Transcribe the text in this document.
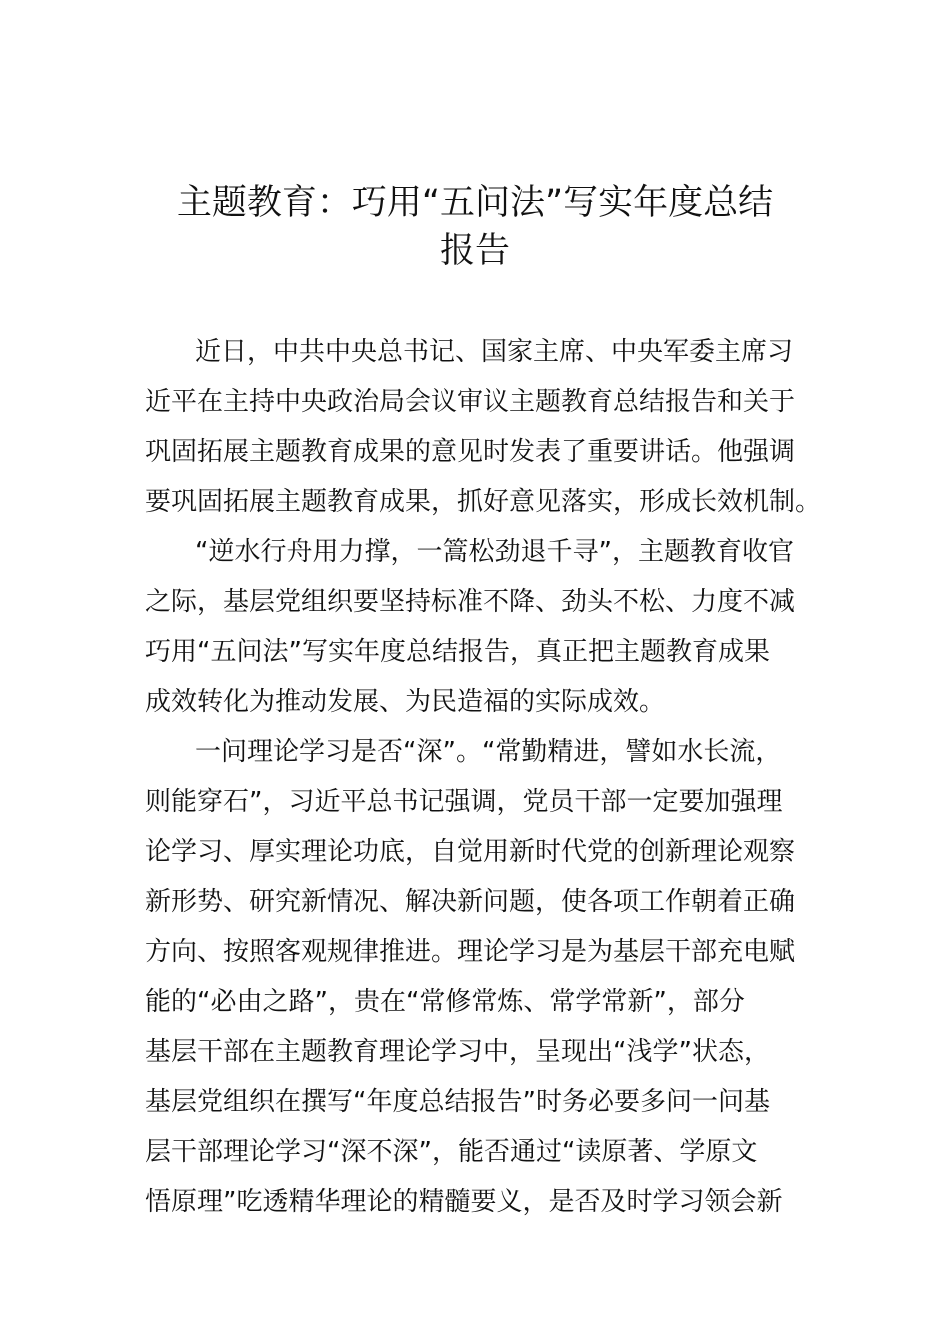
主题教育：巧用“五问法”写实年度总结
报告

近日，中共中央总书记、国家主席、中央军委主席习

近平在主持中央政治局会议审议主题教育总结报告和关于

巩固拓展主题教育成果的意见时发表了重要讲话。他强调

要巩固拓展主题教育成果，抓好意见落实，形成长效机制。

“逆水行舟用力撑，一篙松劲退千寻”，主题教育收官

之际，基层党组织要坚持标准不降、劲头不松、力度不减

巧用“五问法”写实年度总结报告，真正把主题教育成果

成效转化为推动发展、为民造福的实际成效。

一问理论学习是否“深”。“常勤精进，譬如水长流，

则能穿石”，习近平总书记强调，党员干部一定要加强理

论学习、厚实理论功底，自觉用新时代党的创新理论观察

新形势、研究新情况、解决新问题，使各项工作朝着正确

方向、按照客观规律推进。理论学习是为基层干部充电赋

能的“必由之路”，贵在“常修常炼、常学常新”，部分

基层干部在主题教育理论学习中，呈现出“浅学”状态，

基层党组织在撰写“年度总结报告”时务必要多问一问基

层干部理论学习“深不深”，能否通过“读原著、学原文

悟原理”吃透精华理论的精髓要义，是否及时学习领会新
